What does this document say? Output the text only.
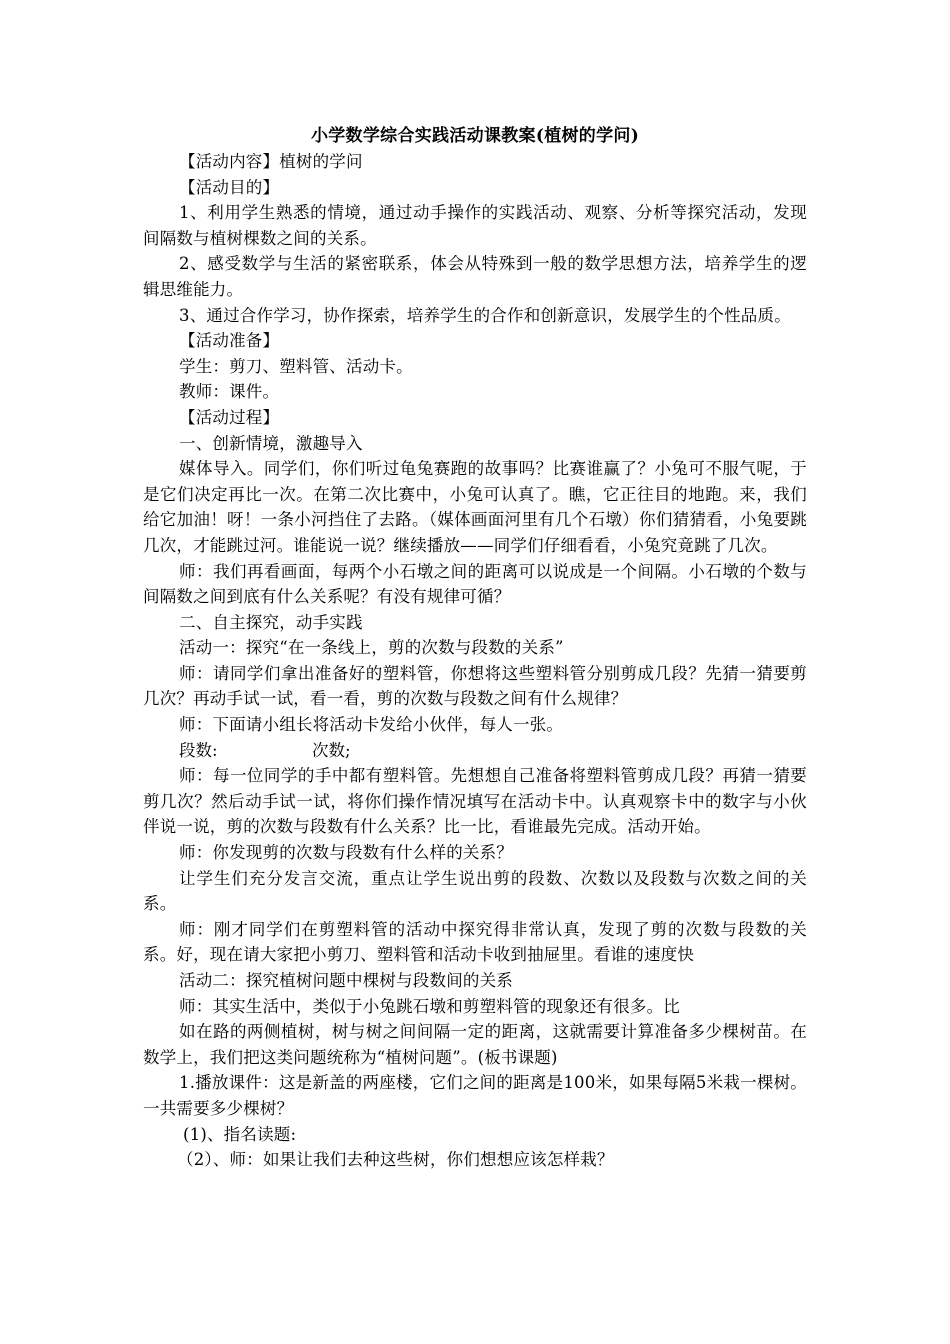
小学数学综合实践活动课教案(植树的学问)

【活动内容】植树的学问

【活动目的】

1、利用学生熟悉的情境，通过动手操作的实践活动、观察、分析等探究活动，发现间隔数与植树棵数之间的关系。

2、感受数学与生活的紧密联系，体会从特殊到一般的数学思想方法，培养学生的逻辑思维能力。

3、通过合作学习，协作探索，培养学生的合作和创新意识，发展学生的个性品质。

【活动准备】

学生：剪刀、塑料管、活动卡。

教师：课件。

【活动过程】

一、创新情境，激趣导入

媒体导入。同学们，你们听过龟兔赛跑的故事吗？比赛谁赢了？小兔可不服气呢，于是它们决定再比一次。在第二次比赛中，小兔可认真了。瞧，它正往目的地跑。来，我们给它加油！呀！一条小河挡住了去路。（媒体画面河里有几个石墩）你们猜猜看，小兔要跳几次，才能跳过河。谁能说一说？继续播放——同学们仔细看看，小兔究竟跳了几次。

师：我们再看画面，每两个小石墩之间的距离可以说成是一个间隔。小石墩的个数与间隔数之间到底有什么关系呢？有没有规律可循？

二、自主探究，动手实践

活动一：探究“在一条线上，剪的次数与段数的关系”

师：请同学们拿出准备好的塑料管，你想将这些塑料管分别剪成几段？先猜一猜要剪几次？再动手试一试，看一看，剪的次数与段数之间有什么规律？

师：下面请小组长将活动卡发给小伙伴，每人一张。

段数:	次数;

师：每一位同学的手中都有塑料管。先想想自己准备将塑料管剪成几段？再猜一猜要剪几次？然后动手试一试，将你们操作情况填写在活动卡中。认真观察卡中的数字与小伙伴说一说，剪的次数与段数有什么关系？比一比，看谁最先完成。活动开始。

师：你发现剪的次数与段数有什么样的关系？

让学生们充分发言交流，重点让学生说出剪的段数、次数以及段数与次数之间的关系。

师：刚才同学们在剪塑料管的活动中探究得非常认真，发现了剪的次数与段数的关系。好，现在请大家把小剪刀、塑料管和活动卡收到抽屉里。看谁的速度快

活动二：探究植树问题中棵树与段数间的关系

师：其实生活中，类似于小兔跳石墩和剪塑料管的现象还有很多。比

如在路的两侧植树，树与树之间间隔一定的距离，这就需要计算准备多少棵树苗。在数学上，我们把这类问题统称为“植树问题”。(板书课题)

1.播放课件：这是新盖的两座楼，它们之间的距离是100米，如果每隔5米栽一棵树。一共需要多少棵树？

(1)、指名读题:

（2）、师：如果让我们去种这些树，你们想想应该怎样栽？
